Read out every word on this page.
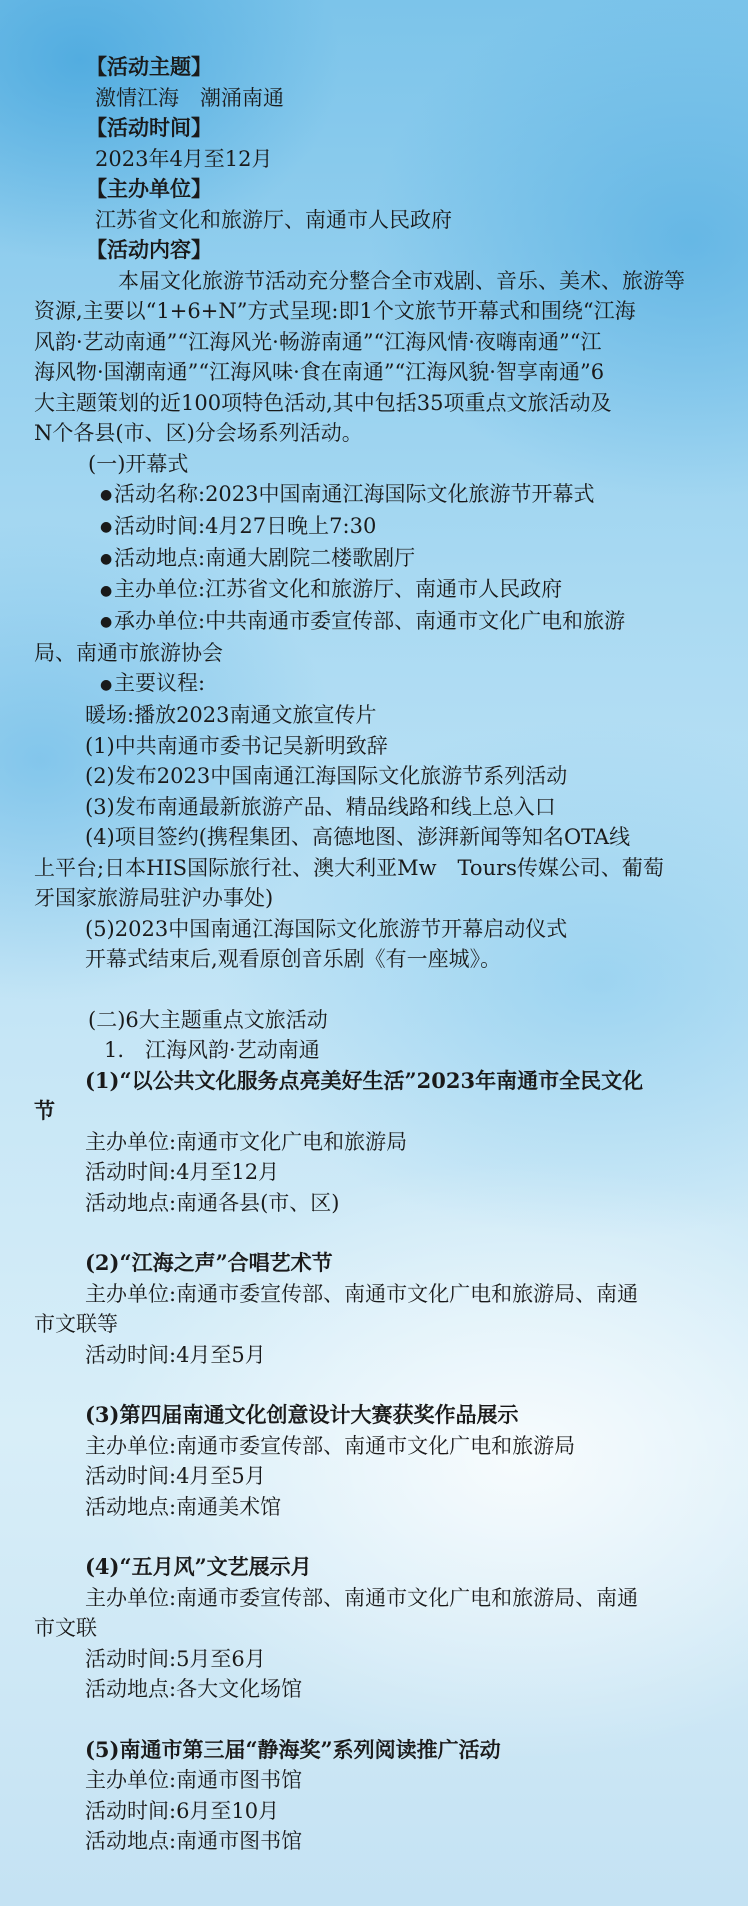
【活动主题】
激情江海　潮涌南通
【活动时间】
2023年4月至12月
【主办单位】
江苏省文化和旅游厅、南通市人民政府
【活动内容】
本届文化旅游节活动充分整合全市戏剧、音乐、美术、旅游等
资源,主要以“1+6+N”方式呈现:即1个文旅节开幕式和围绕“江海
风韵·艺动南通”“江海风光·畅游南通”“江海风情·夜嗨南通”“江
海风物·国潮南通”“江海风味·食在南通”“江海风貌·智享南通”6
大主题策划的近100项特色活动,其中包括35项重点文旅活动及
N个各县(市、区)分会场系列活动。
(一)开幕式
●活动名称:2023中国南通江海国际文化旅游节开幕式
●活动时间:4月27日晚上7:30
●活动地点:南通大剧院二楼歌剧厅
●主办单位:江苏省文化和旅游厅、南通市人民政府
●承办单位:中共南通市委宣传部、南通市文化广电和旅游
局、南通市旅游协会
●主要议程:
暖场:播放2023南通文旅宣传片
(1)中共南通市委书记吴新明致辞
(2)发布2023中国南通江海国际文化旅游节系列活动
(3)发布南通最新旅游产品、精品线路和线上总入口
(4)项目签约(携程集团、高德地图、澎湃新闻等知名OTA线
上平台;日本HIS国际旅行社、澳大利亚Mw　Tours传媒公司、葡萄
牙国家旅游局驻沪办事处)
(5)2023中国南通江海国际文化旅游节开幕启动仪式
开幕式结束后,观看原创音乐剧《有一座城》。
(二)6大主题重点文旅活动
1.　江海风韵·艺动南通
(1)“以公共文化服务点亮美好生活”2023年南通市全民文化
节
主办单位:南通市文化广电和旅游局
活动时间:4月至12月
活动地点:南通各县(市、区)
(2)“江海之声”合唱艺术节
主办单位:南通市委宣传部、南通市文化广电和旅游局、南通
市文联等
活动时间:4月至5月
(3)第四届南通文化创意设计大赛获奖作品展示
主办单位:南通市委宣传部、南通市文化广电和旅游局
活动时间:4月至5月
活动地点:南通美术馆
(4)“五月风”文艺展示月
主办单位:南通市委宣传部、南通市文化广电和旅游局、南通
市文联
活动时间:5月至6月
活动地点:各大文化场馆
(5)南通市第三届“静海奖”系列阅读推广活动
主办单位:南通市图书馆
活动时间:6月至10月
活动地点:南通市图书馆
